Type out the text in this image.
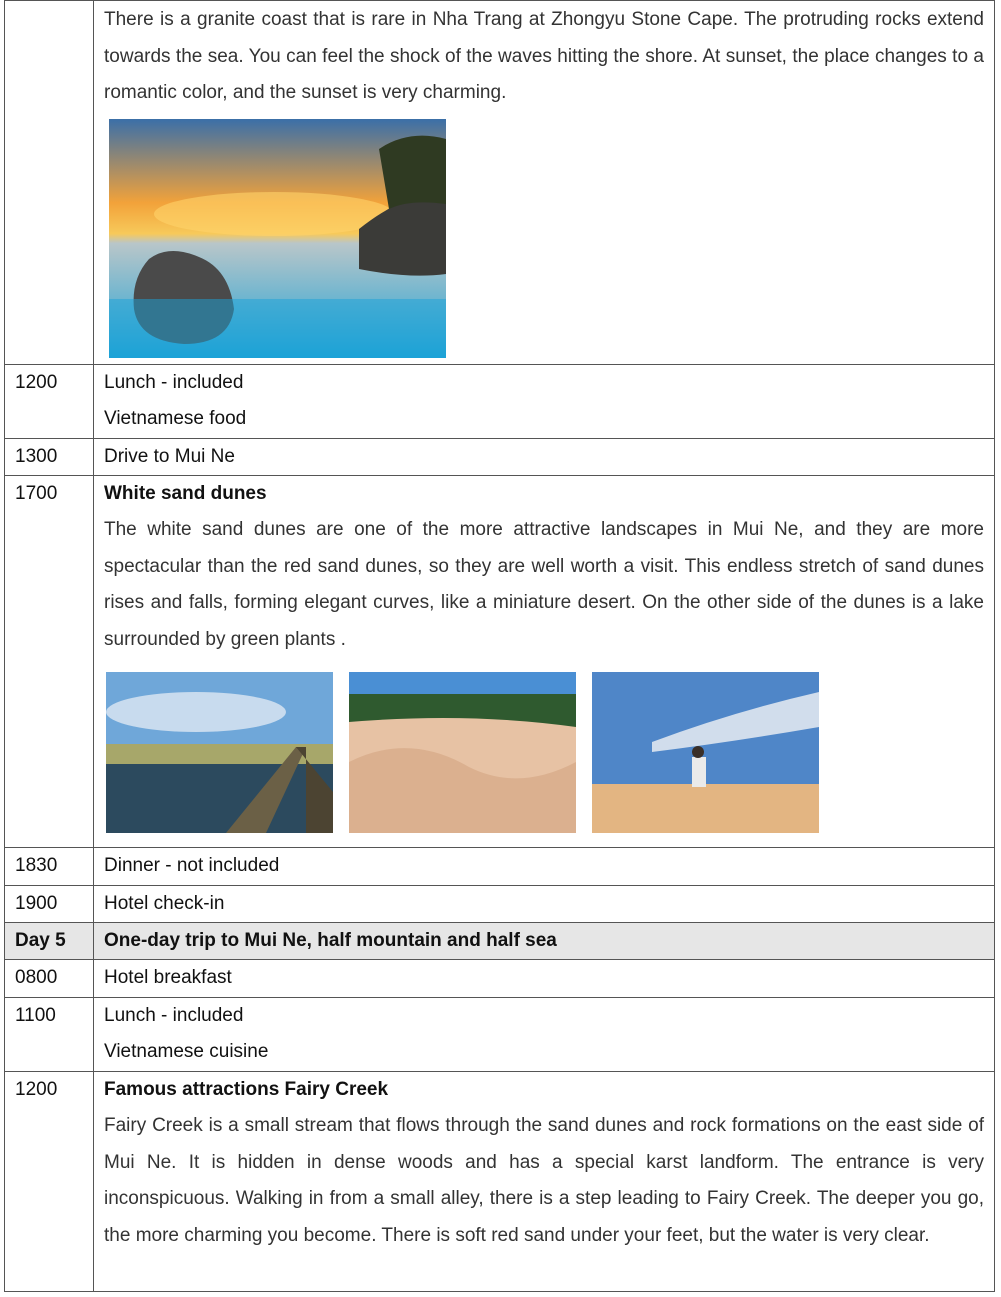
	There is a granite coast that is rare in Nha Trang at Zhongyu Stone Cape. The protruding rocks extend towards the sea. You can feel the shock of the waves hitting the shore. At sunset, the place changes to a romantic color, and the sunset is very charming.

1200	Lunch - included
Vietnamese food

1300	Drive to Mui Ne

1700	White sand dunes
The white sand dunes are one of the more attractive landscapes in Mui Ne, and they are more spectacular than the red sand dunes, so they are well worth a visit. This endless stretch of sand dunes rises and falls, forming elegant curves, like a miniature desert. On the other side of the dunes is a lake surrounded by green plants .

1830	Dinner - not included

1900	Hotel check-in

Day 5	One-day trip to Mui Ne, half mountain and half sea

0800	Hotel breakfast

1100	Lunch - included
Vietnamese cuisine

1200	Famous attractions Fairy Creek
Fairy Creek is a small stream that flows through the sand dunes and rock formations on the east side of Mui Ne. It is hidden in dense woods and has a special karst landform. The entrance is very inconspicuous. Walking in from a small alley, there is a step leading to Fairy Creek. The deeper you go, the more charming you become. There is soft red sand under your feet, but the water is very clear.
